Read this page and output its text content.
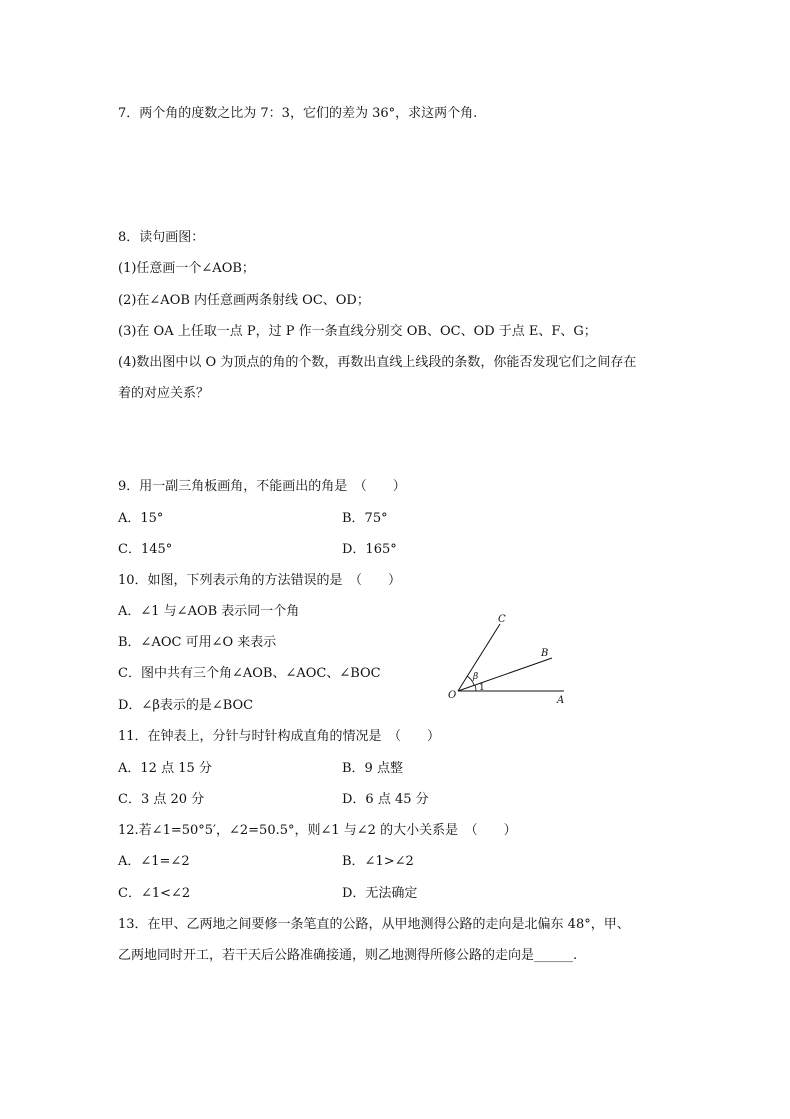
7．两个角的度数之比为 7：3，它们的差为 36°，求这两个角.
8．读句画图：
(1)任意画一个∠AOB；
(2)在∠AOB 内任意画两条射线 OC、OD；
(3)在 OA 上任取一点 P，过 P 作一条直线分别交 OB、OC、OD 于点 E、F、G；
(4)数出图中以 O 为顶点的角的个数，再数出直线上线段的条数，你能否发现它们之间存在
着的对应关系？
9．用一副三角板画角，不能画出的角是　（　　）
A．15°	B．75°
C．145°	D．165°
10．如图，下列表示角的方法错误的是　（　　）
A．∠1 与∠AOB 表示同一个角
B．∠AOC 可用∠O 来表示
C．图中共有三个角∠AOB、∠AOC、∠BOC
D．∠β表示的是∠BOC
C
B
A
O
β
1
11．在钟表上，分针与时针构成直角的情况是　（　　）
A．12 点 15 分	B．9 点整
C．3 点 20 分	D．6 点 45 分
12.若∠1=50°5′，∠2=50.5°，则∠1 与∠2 的大小关系是　（　　）
A．∠1=∠2	B．∠1>∠2
C．∠1<∠2	D．无法确定
13．在甲、乙两地之间要修一条笔直的公路，从甲地测得公路的走向是北偏东 48°，甲、
乙两地同时开工，若干天后公路准确接通，则乙地测得所修公路的走向是______.
